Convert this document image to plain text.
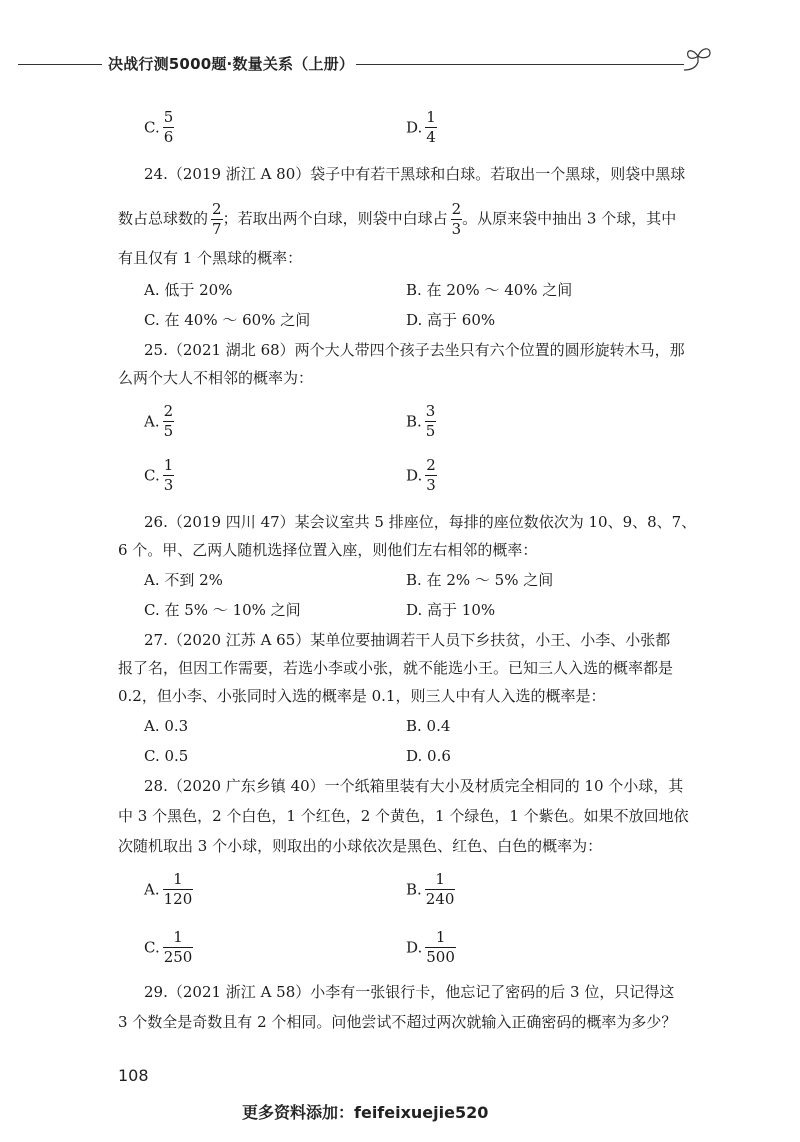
决战行测5000题·数量关系（上册）
C. $\frac{5}{6}$	D. $\frac{1}{4}$
24.（2019 浙江 A 80）袋子中有若干黑球和白球。若取出一个黑球，则袋中黑球
数占总球数的 $\frac{2}{7}$ ；若取出两个白球，则袋中白球占 $\frac{2}{3}$ 。从原来袋中抽出 3 个球，其中
有且仅有 1 个黑球的概率：
A. 低于 20%	B. 在 20% ～ 40% 之间
C. 在 40% ～ 60% 之间	D. 高于 60%
25.（2021 湖北 68）两个大人带四个孩子去坐只有六个位置的圆形旋转木马，那
么两个大人不相邻的概率为：
A. $\frac{2}{5}$	B. $\frac{3}{5}$
C. $\frac{1}{3}$	D. $\frac{2}{3}$
26.（2019 四川 47）某会议室共 5 排座位，每排的座位数依次为 10、9、8、7、
6 个。甲、乙两人随机选择位置入座，则他们左右相邻的概率：
A. 不到 2%	B. 在 2% ～ 5% 之间
C. 在 5% ～ 10% 之间	D. 高于 10%
27.（2020 江苏 A 65）某单位要抽调若干人员下乡扶贫，小王、小李、小张都
报了名，但因工作需要，若选小李或小张，就不能选小王。已知三人入选的概率都是
0.2，但小李、小张同时入选的概率是 0.1，则三人中有人入选的概率是：
A. 0.3	B. 0.4
C. 0.5	D. 0.6
28.（2020 广东乡镇 40）一个纸箱里装有大小及材质完全相同的 10 个小球，其
中 3 个黑色，2 个白色，1 个红色，2 个黄色，1 个绿色，1 个紫色。如果不放回地依
次随机取出 3 个小球，则取出的小球依次是黑色、红色、白色的概率为：
A. $\frac{1}{120}$	B. $\frac{1}{240}$
C. $\frac{1}{250}$	D. $\frac{1}{500}$
29.（2021 浙江 A 58）小李有一张银行卡，他忘记了密码的后 3 位，只记得这
3 个数全是奇数且有 2 个相同。问他尝试不超过两次就输入正确密码的概率为多少？
108
更多资料添加：feifeixuejie520
